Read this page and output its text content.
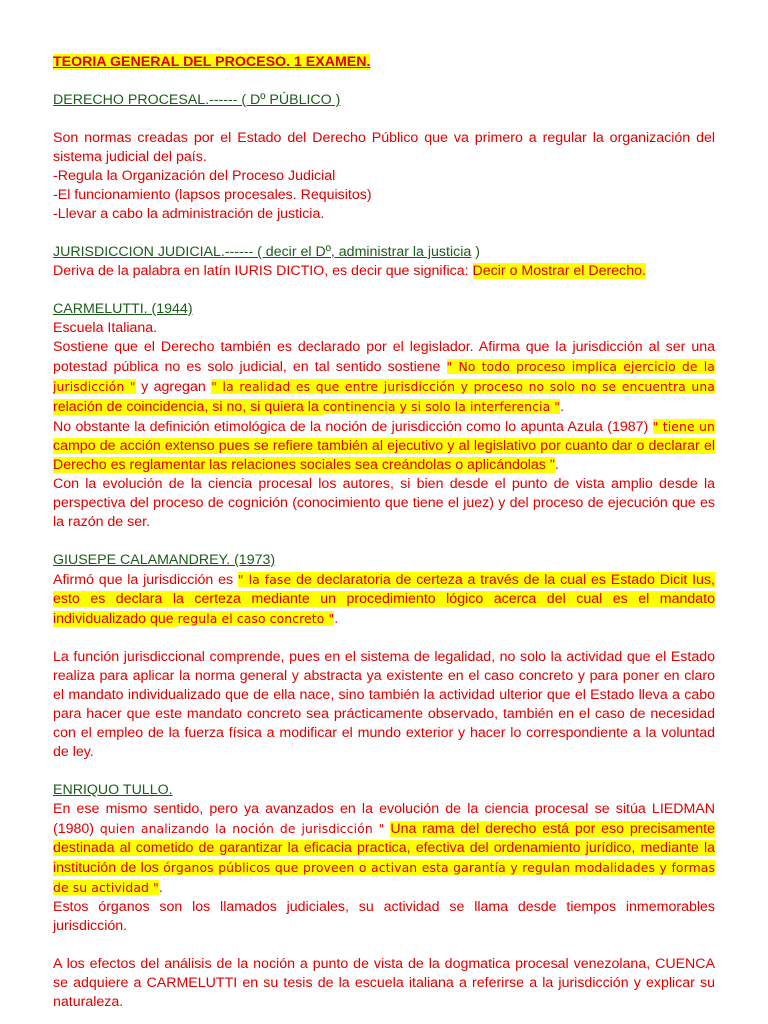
TEORIA GENERAL DEL PROCESO. 1 EXAMEN.

DERECHO PROCESAL.------ ( Dº PÚBLICO )

Son normas creadas por el Estado del Derecho Público que va primero a regular la organización del sistema judicial del país.

-Regula la Organización del Proceso Judicial

-El funcionamiento (lapsos procesales. Requisitos)

-Llevar a cabo la administración de justicia.

JURISDICCION JUDICIAL.------ ( decir el Dº, administrar la justicia )

Deriva de la palabra en latín IURIS DICTIO, es decir que significa: Decir o Mostrar el Derecho.

CARMELUTTI. (1944)

Escuela Italiana.

Sostiene que el Derecho también es declarado por el legislador. Afirma que la jurisdicción al ser una potestad pública no es solo judicial, en tal sentido sostiene " No todo proceso implica ejercicio de la jurisdicción " y agregan " la realidad es que entre jurisdicción y proceso no solo no se encuentra una relación de coincidencia, si no, si quiera la continencia y si solo la interferencia ".

No obstante la definición etimológica de la noción de jurisdicción como lo apunta Azula (1987) " tiene un campo de acción extenso pues se refiere también al ejecutivo y al legislativo por cuanto dar o declarar el Derecho es reglamentar las relaciones sociales sea creándolas o aplicándolas ".

Con la evolución de la ciencia procesal los autores, si bien desde el punto de vista amplio desde la perspectiva del proceso de cognición (conocimiento que tiene el juez) y del proceso de ejecución que es la razón de ser.

GIUSEPE CALAMANDREY. (1973)

Afirmó que la jurisdicción es " la fase de declaratoria de certeza a través de la cual es Estado Dicit Ius, esto es declara la certeza mediante un procedimiento lógico acerca del cual es el mandato individualizado que regula el caso concreto ".

La función jurisdiccional comprende, pues en el sistema de legalidad, no solo la actividad que el Estado realiza para aplicar la norma general y abstracta ya existente en el caso concreto y para poner en claro el mandato individualizado que de ella nace, sino también la actividad ulterior que el Estado lleva a cabo para hacer que este mandato concreto sea prácticamente observado, también en el caso de necesidad con el empleo de la fuerza física a modificar el mundo exterior y hacer lo correspondiente a la voluntad de ley.

ENRIQUO TULLO.

En ese mismo sentido, pero ya avanzados en la evolución de la ciencia procesal se sitúa LIEDMAN (1980) quien analizando la noción de jurisdicción " Una rama del derecho está por eso precisamente destinada al cometido de garantizar la eficacia practica, efectiva del ordenamiento jurídico, mediante la institución de los órganos públicos que proveen o activan esta garantía y regulan modalidades y formas de su actividad ".

Estos órganos son los llamados judiciales, su actividad se llama desde tiempos inmemorables jurisdicción.

A los efectos del análisis de la noción a punto de vista de la dogmatica procesal venezolana, CUENCA se adquiere a CARMELUTTI en su tesis de la escuela italiana a referirse a la jurisdicción y explicar su naturaleza.
